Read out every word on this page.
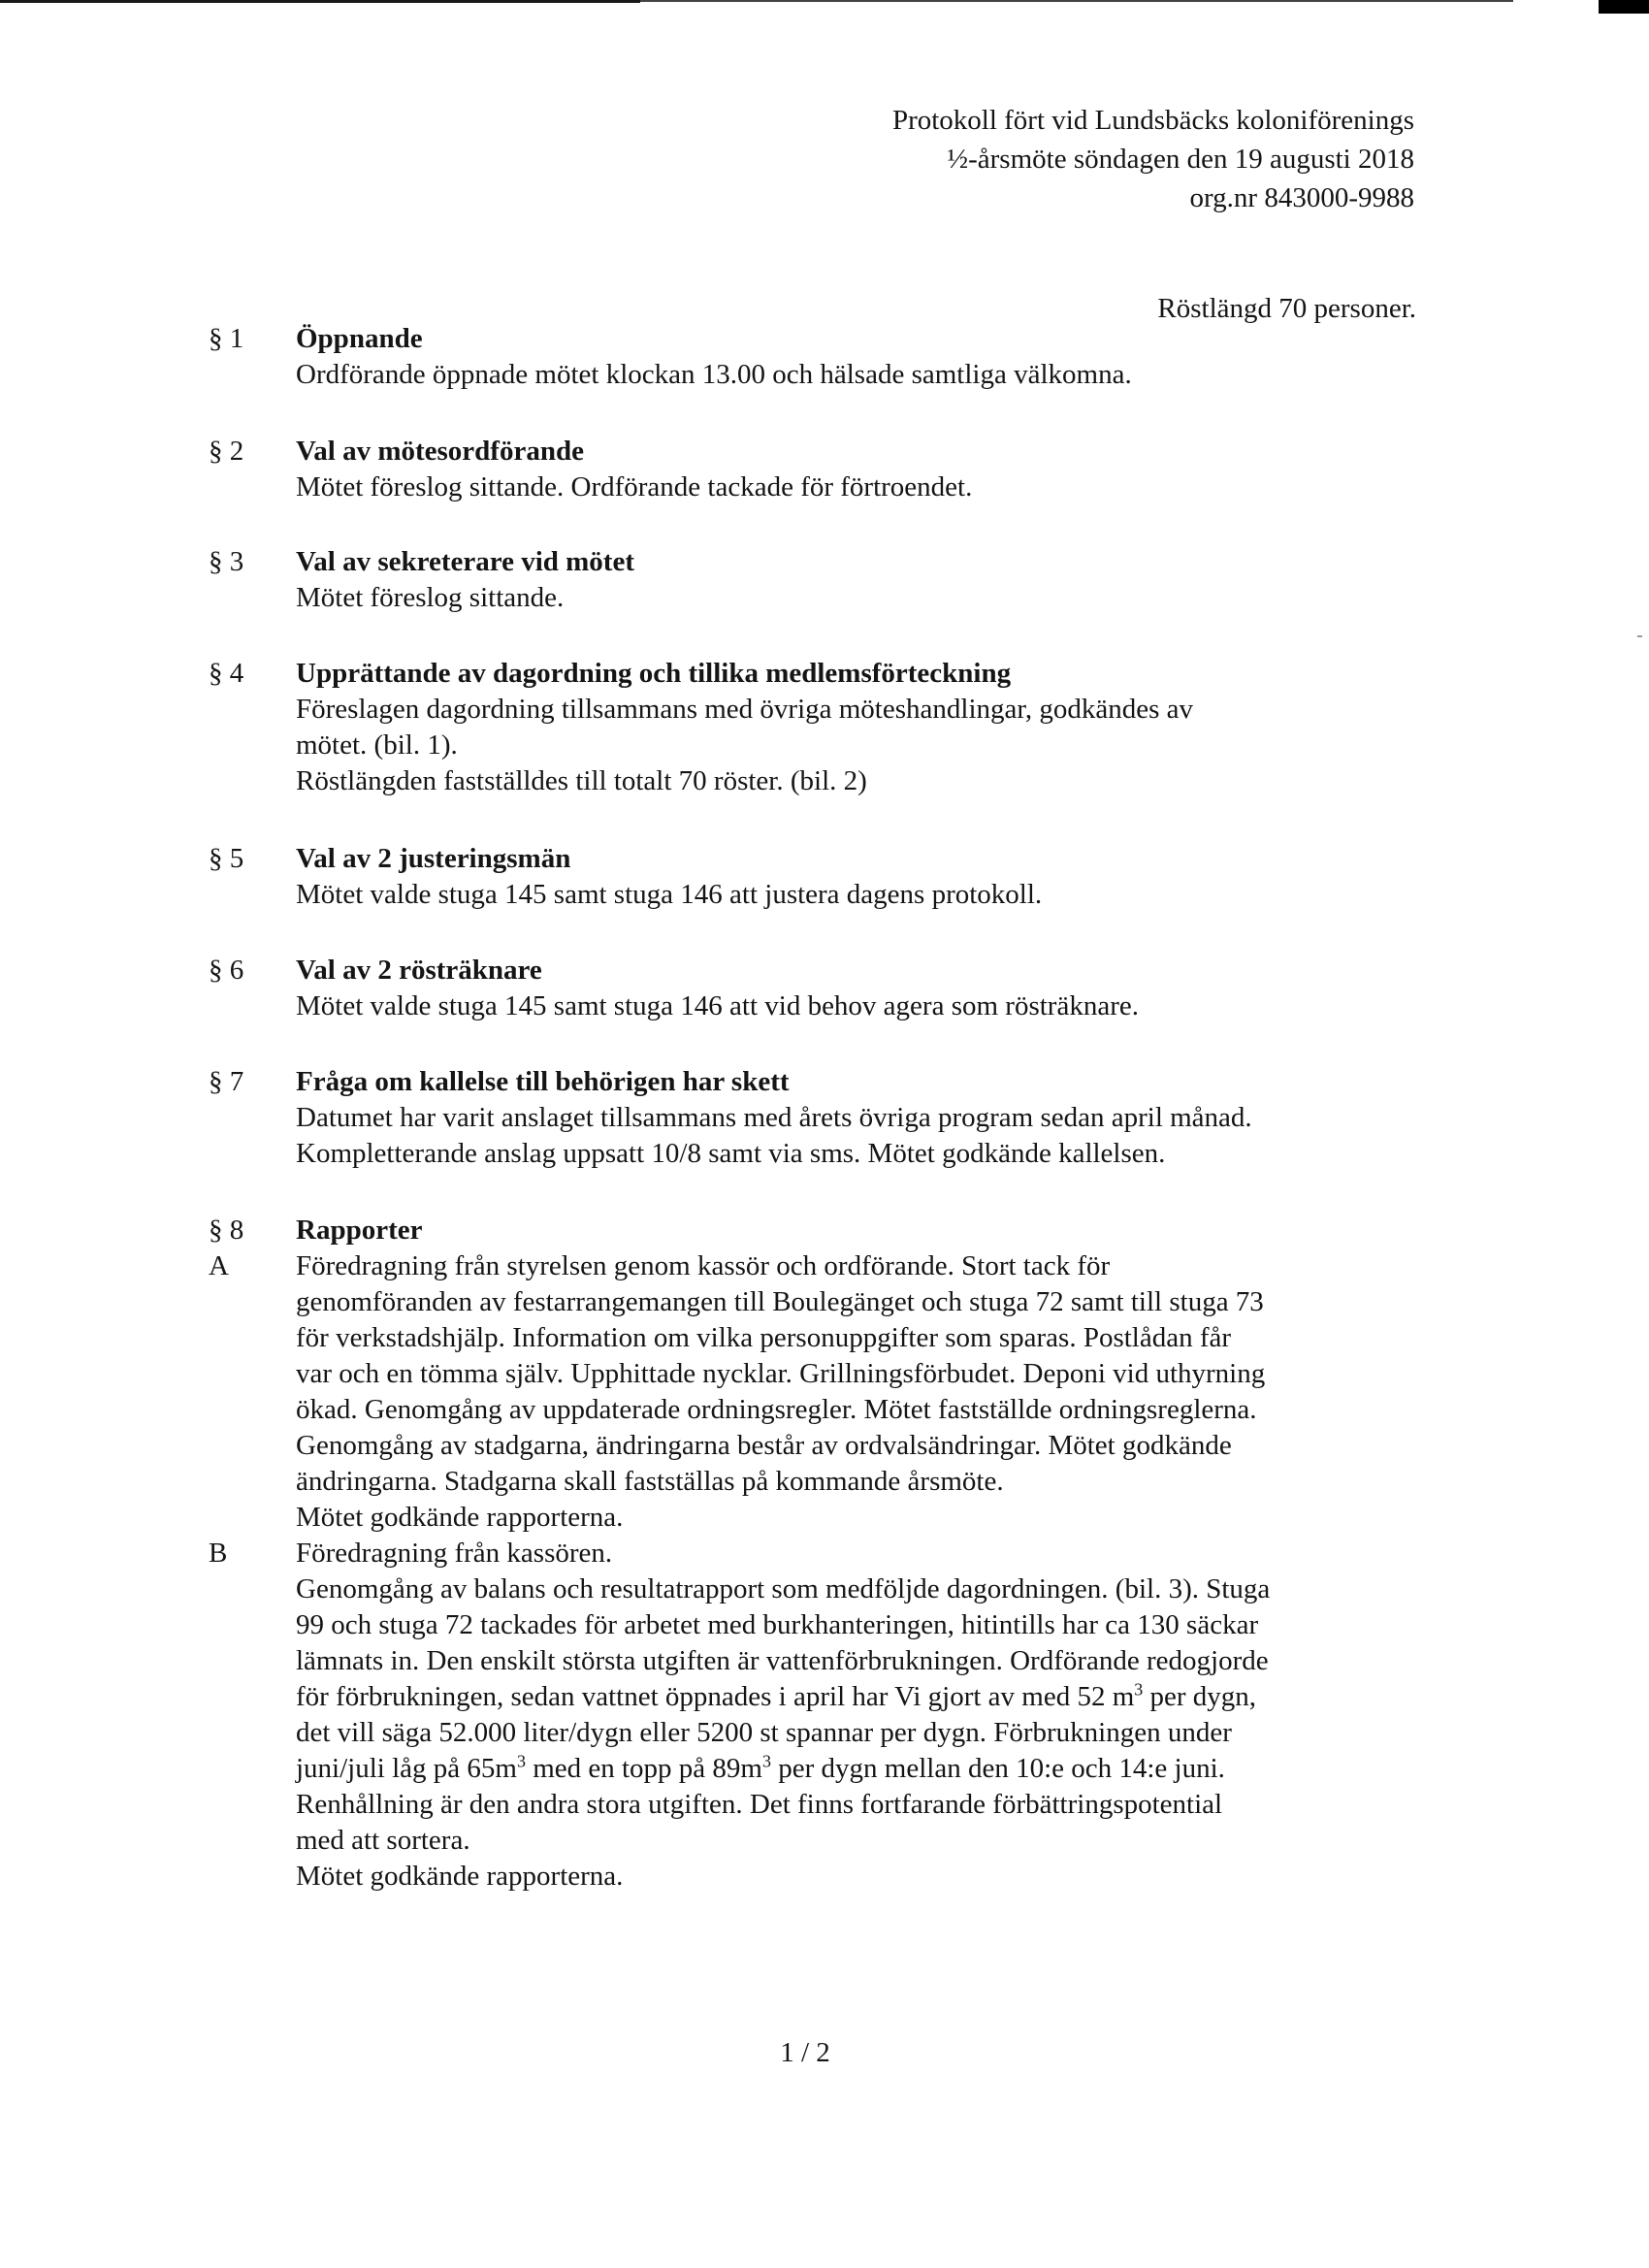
Protokoll fört vid Lundsbäcks koloniförenings
½-årsmöte söndagen den 19 augusti 2018
org.nr 843000-9988
Röstlängd 70 personer.
§ 1	Öppnande
Ordförande öppnade mötet klockan 13.00 och hälsade samtliga välkomna.
§ 2	Val av mötesordförande
Mötet föreslog sittande. Ordförande tackade för förtroendet.
§ 3	Val av sekreterare vid mötet
Mötet föreslog sittande.
§ 4	Upprättande av dagordning och tillika medlemsförteckning
Föreslagen dagordning tillsammans med övriga möteshandlingar, godkändes av
mötet. (bil. 1).
Röstlängden fastställdes till totalt 70 röster. (bil. 2)
§ 5	Val av 2 justeringsmän
Mötet valde stuga 145 samt stuga 146 att justera dagens protokoll.
§ 6	Val av 2 rösträknare
Mötet valde stuga 145 samt stuga 146 att vid behov agera som rösträknare.
§ 7	Fråga om kallelse till behörigen har skett
Datumet har varit anslaget tillsammans med årets övriga program sedan april månad.
Kompletterande anslag uppsatt 10/8 samt via sms. Mötet godkände kallelsen.
§ 8	Rapporter
A Föredragning från styrelsen genom kassör och ordförande. Stort tack för
genomföranden av festarrangemangen till Boulegänget och stuga 72 samt till stuga 73
för verkstadshjälp. Information om vilka personuppgifter som sparas. Postlådan får
var och en tömma själv. Upphittade nycklar. Grillningsförbudet. Deponi vid uthyrning
ökad. Genomgång av uppdaterade ordningsregler. Mötet fastställde ordningsreglerna.
Genomgång av stadgarna, ändringarna består av ordvalsändringar. Mötet godkände
ändringarna. Stadgarna skall fastställas på kommande årsmöte.
Mötet godkände rapporterna.
B Föredragning från kassören.
Genomgång av balans och resultatrapport som medföljde dagordningen. (bil. 3). Stuga
99 och stuga 72 tackades för arbetet med burkhanteringen, hitintills har ca 130 säckar
lämnats in. Den enskilt största utgiften är vattenförbrukningen. Ordförande redogjorde
för förbrukningen, sedan vattnet öppnades i april har Vi gjort av med 52 $m^3$ per dygn,
det vill säga 52.000 liter/dygn eller 5200 st spannar per dygn. Förbrukningen under
juni/juli låg på $65m^3$ med en topp på $89m^3$ per dygn mellan den 10:e och 14:e juni.
Renhållning är den andra stora utgiften. Det finns fortfarande förbättringspotential
med att sortera.
Mötet godkände rapporterna.
1 / 2
